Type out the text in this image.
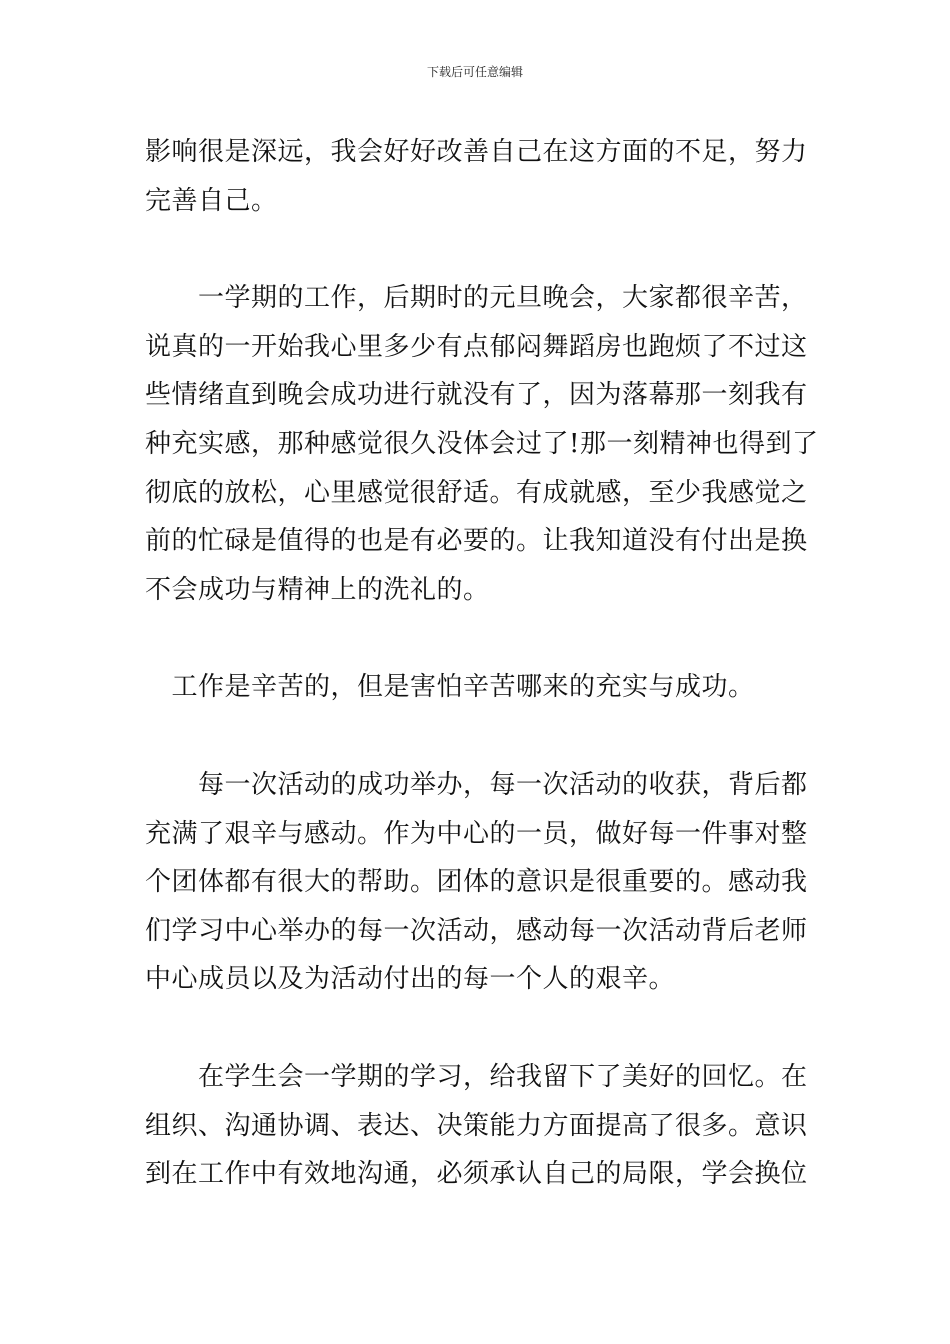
下载后可任意编辑
影响很是深远，我会好好改善自己在这方面的不足，努力
完善自己。
　　一学期的工作，后期时的元旦晚会，大家都很辛苦，
说真的一开始我心里多少有点郁闷舞蹈房也跑烦了不过这
些情绪直到晚会成功进行就没有了，因为落幕那一刻我有
种充实感，那种感觉很久没体会过了!那一刻精神也得到了
彻底的放松，心里感觉很舒适。有成就感，至少我感觉之
前的忙碌是值得的也是有必要的。让我知道没有付出是换
不会成功与精神上的洗礼的。
　工作是辛苦的，但是害怕辛苦哪来的充实与成功。
　　每一次活动的成功举办，每一次活动的收获，背后都
充满了艰辛与感动。作为中心的一员，做好每一件事对整
个团体都有很大的帮助。团体的意识是很重要的。感动我
们学习中心举办的每一次活动，感动每一次活动背后老师
中心成员以及为活动付出的每一个人的艰辛。
　　在学生会一学期的学习，给我留下了美好的回忆。在
组织、沟通协调、表达、决策能力方面提高了很多。意识
到在工作中有效地沟通，必须承认自己的局限，学会换位
